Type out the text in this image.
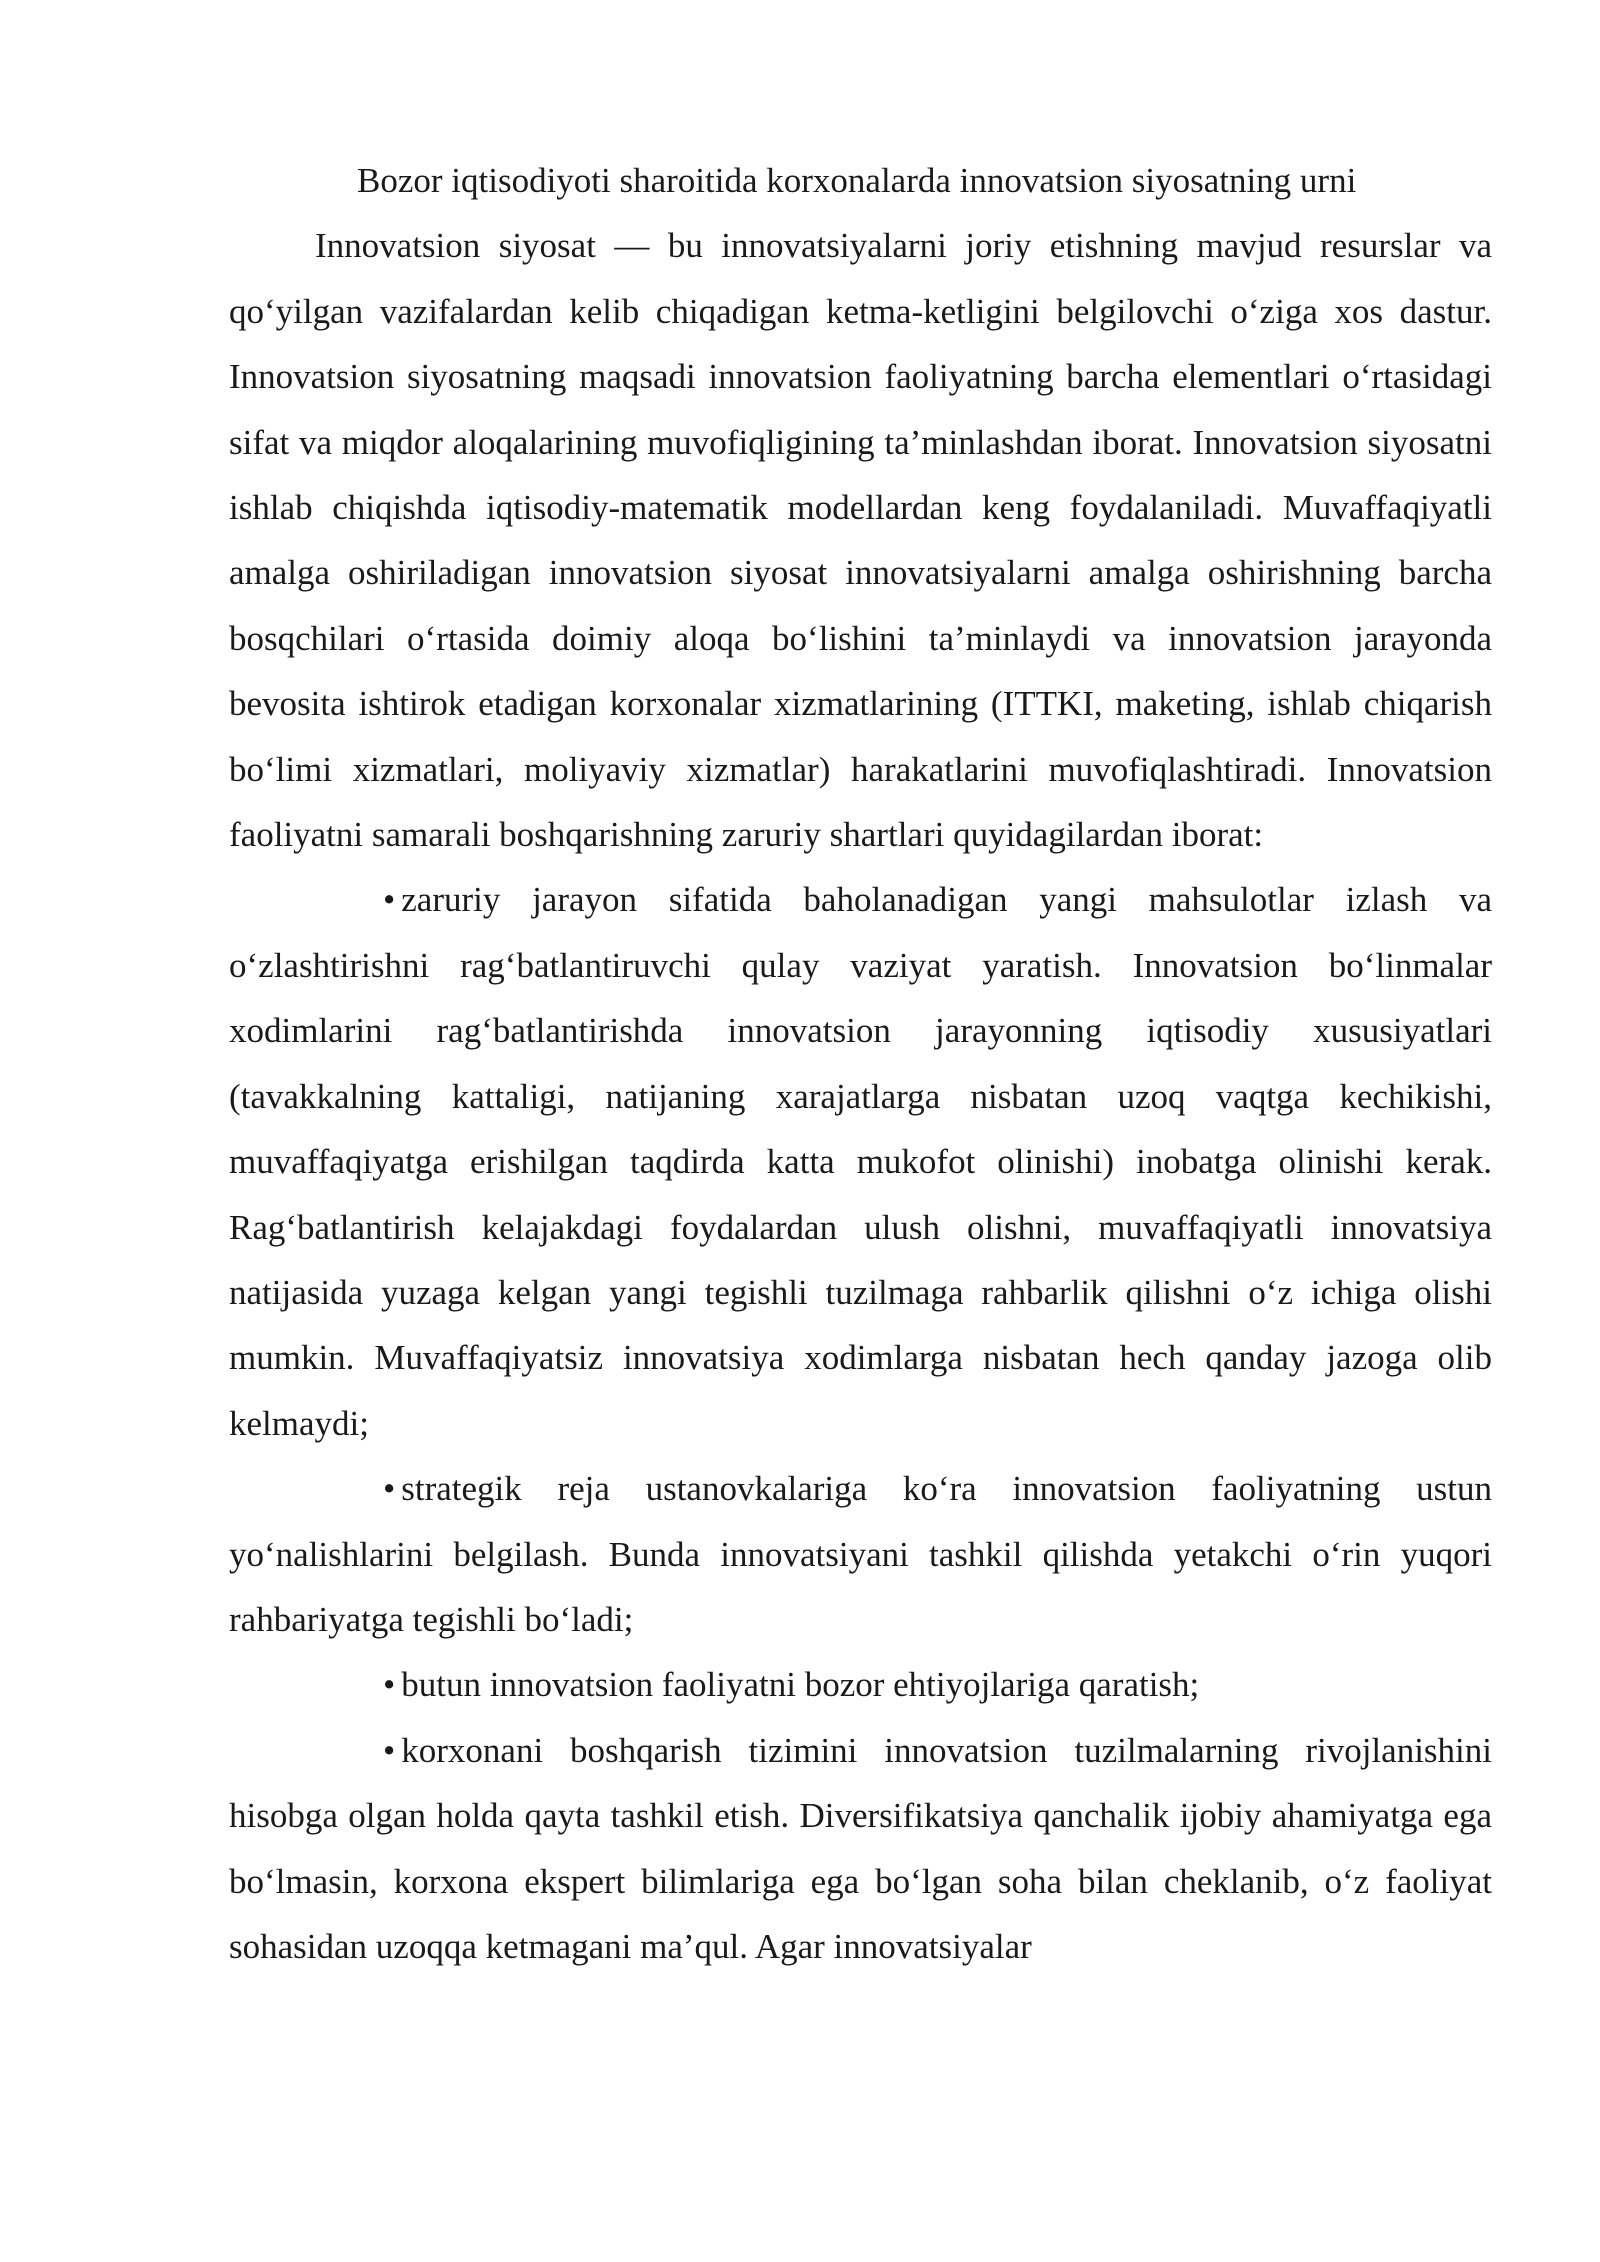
Bozor iqtisodiyoti sharoitida korxonalarda innovatsion siyosatning urni

Innovatsion siyosat — bu innovatsiyalarni joriy etishning mavjud resurslar va qo‘yilgan vazifalardan kelib chiqadigan ketma-ketligini belgilovchi o‘ziga xos dastur. Innovatsion siyosatning maqsadi innovatsion faoliyatning barcha elementlari o‘rtasidagi sifat va miqdor aloqalarining muvofiqligining ta’minlashdan iborat. Innovatsion siyosatni ishlab chiqishda iqtisodiy-matematik modellardan keng foydalaniladi. Muvaffaqiyatli amalga oshiriladigan innovatsion siyosat innovatsiyalarni amalga oshirishning barcha bosqchilari o‘rtasida doimiy aloqa bo‘lishini ta’minlaydi va innovatsion jarayonda bevosita ishtirok etadigan korxonalar xizmatlarining (ITTKI, maketing, ishlab chiqarish bo‘limi xizmatlari, moliyaviy xizmatlar) harakatlarini muvofiqlashtiradi. Innovatsion faoliyatni samarali boshqarishning zaruriy shartlari quyidagilardan iborat:

• zaruriy jarayon sifatida baholanadigan yangi mahsulotlar izlash va o‘zlashtirishni rag‘batlantiruvchi qulay vaziyat yaratish. Innovatsion bo‘linmalar xodimlarini rag‘batlantirishda innovatsion jarayonning iqtisodiy xususiyatlari (tavakkalning kattaligi, natijaning xarajatlarga nisbatan uzoq vaqtga kechikishi, muvaffaqiyatga erishilgan taqdirda katta mukofot olinishi) inobatga olinishi kerak. Rag‘batlantirish kelajakdagi foydalardan ulush olishni, muvaffaqiyatli innovatsiya natijasida yuzaga kelgan yangi tegishli tuzilmaga rahbarlik qilishni o‘z ichiga olishi mumkin. Muvaffaqiyatsiz innovatsiya xodimlarga nisbatan hech qanday jazoga olib kelmaydi;

• strategik reja ustanovkalariga ko‘ra innovatsion faoliyatning ustun yo‘nalishlarini belgilash. Bunda innovatsiyani tashkil qilishda yetakchi o‘rin yuqori rahbariyatga tegishli bo‘ladi;

• butun innovatsion faoliyatni bozor ehtiyojlariga qaratish;

• korxonani boshqarish tizimini innovatsion tuzilmalarning rivojlanishini hisobga olgan holda qayta tashkil etish. Diversifikatsiya qanchalik ijobiy ahamiyatga ega bo‘lmasin, korxona ekspert bilimlariga ega bo‘lgan soha bilan cheklanib, o‘z faoliyat sohasidan uzoqqa ketmagani ma’qul. Agar innovatsiyalar
